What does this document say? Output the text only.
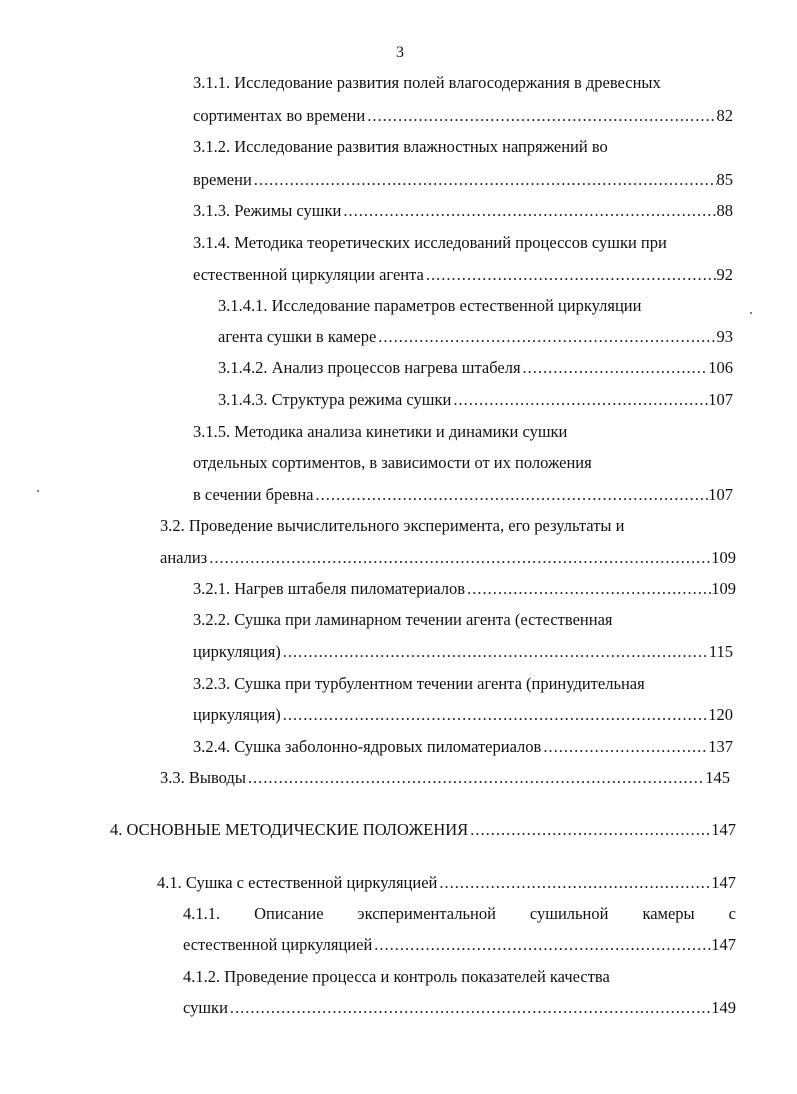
3
3.1.1. Исследование развития полей влагосодержания в древесных
сортиментах во времени .....	82
3.1.2. Исследование развития влажностных напряжений во
времени .....	85
3.1.3. Режимы сушки .....	88
3.1.4. Методика теоретических исследований процессов сушки при
естественной циркуляции агента .....	92
3.1.4.1. Исследование параметров естественной циркуляции
агента сушки в камере .....	93
3.1.4.2. Анализ процессов нагрева штабеля .....	106
3.1.4.3. Структура режима сушки .....	107
3.1.5. Методика анализа кинетики и динамики сушки
отдельных сортиментов, в зависимости от их положения
в сечении бревна .....	107
3.2. Проведение вычислительного эксперимента, его результаты и
анализ .....	109
3.2.1. Нагрев штабеля пиломатериалов .....	109
3.2.2. Сушка при ламинарном течении агента (естественная
циркуляция) .....	115
3.2.3. Сушка при турбулентном течении агента (принудительная
циркуляция) .....	120
3.2.4. Сушка заболонно-ядровых пиломатериалов .....	137
3.3. Выводы .....	145
4. ОСНОВНЫЕ МЕТОДИЧЕСКИЕ ПОЛОЖЕНИЯ .....	147
4.1. Сушка с естественной циркуляцией .....	147
4.1.1. Описание экспериментальной сушильной камеры с
естественной циркуляцией .....	147
4.1.2. Проведение процесса и контроль показателей качества
сушки .....	149
